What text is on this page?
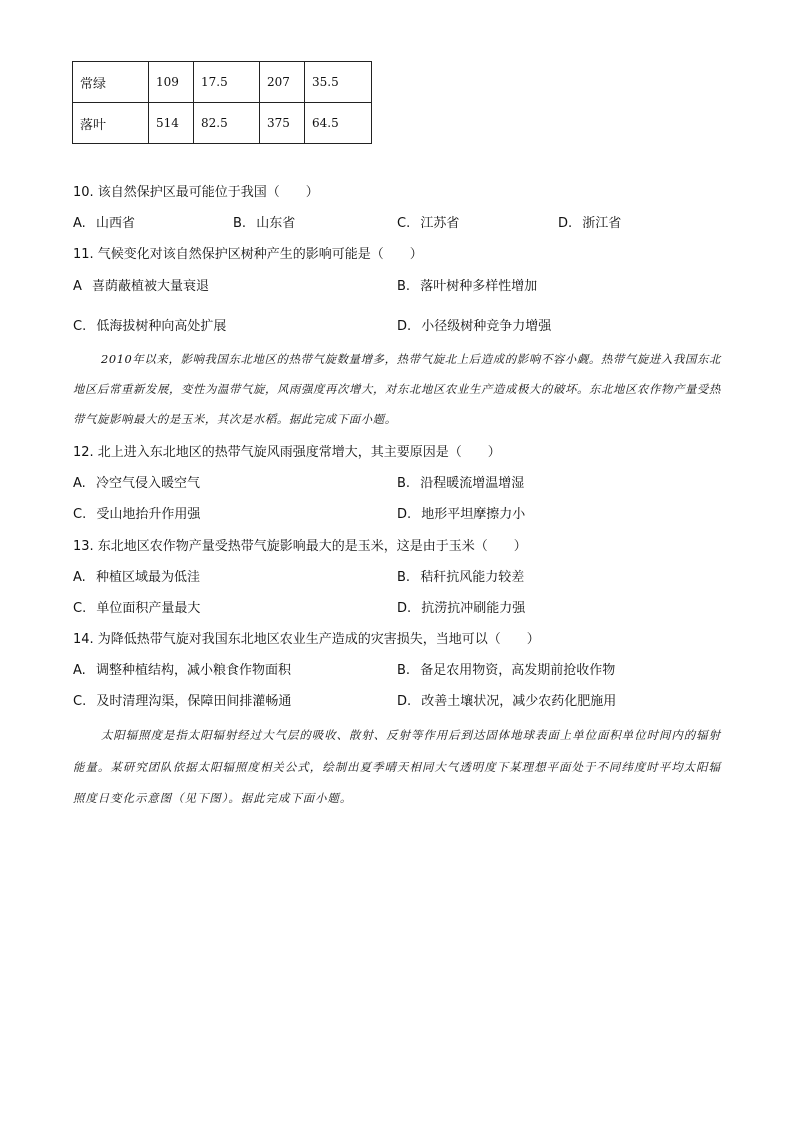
常绿	109	17.5	207	35.5
落叶	514	82.5	375	64.5
10. 该自然保护区最可能位于我国（　　）
A. 山西省	B. 山东省	C. 江苏省	D. 浙江省
11. 气候变化对该自然保护区树种产生的影响可能是（　　）
A 喜荫蔽植被大量衰退	B. 落叶树种多样性增加
C. 低海拔树种向高处扩展	D. 小径级树种竞争力增强
2010年以来，影响我国东北地区的热带气旋数量增多，热带气旋北上后造成的影响不容小觑。热带气旋进入我国东北地区后常重新发展，变性为温带气旋，风雨强度再次增大，对东北地区农业生产造成极大的破坏。东北地区农作物产量受热带气旋影响最大的是玉米，其次是水稻。据此完成下面小题。
12. 北上进入东北地区的热带气旋风雨强度常增大，其主要原因是（　　）
A. 冷空气侵入暖空气	B. 沿程暖流增温增湿
C. 受山地抬升作用强	D. 地形平坦摩擦力小
13. 东北地区农作物产量受热带气旋影响最大的是玉米，这是由于玉米（　　）
A. 种植区域最为低洼	B. 秸秆抗风能力较差
C. 单位面积产量最大	D. 抗涝抗冲刷能力强
14. 为降低热带气旋对我国东北地区农业生产造成的灾害损失，当地可以（　　）
A. 调整种植结构，减小粮食作物面积	B. 备足农用物资，高发期前抢收作物
C. 及时清理沟渠，保障田间排灌畅通	D. 改善土壤状况，减少农药化肥施用
太阳辐照度是指太阳辐射经过大气层的吸收、散射、反射等作用后到达固体地球表面上单位面积单位时间内的辐射能量。某研究团队依据太阳辐照度相关公式，绘制出夏季晴天相同大气透明度下某理想平面处于不同纬度时平均太阳辐照度日变化示意图（见下图）。据此完成下面小题。
